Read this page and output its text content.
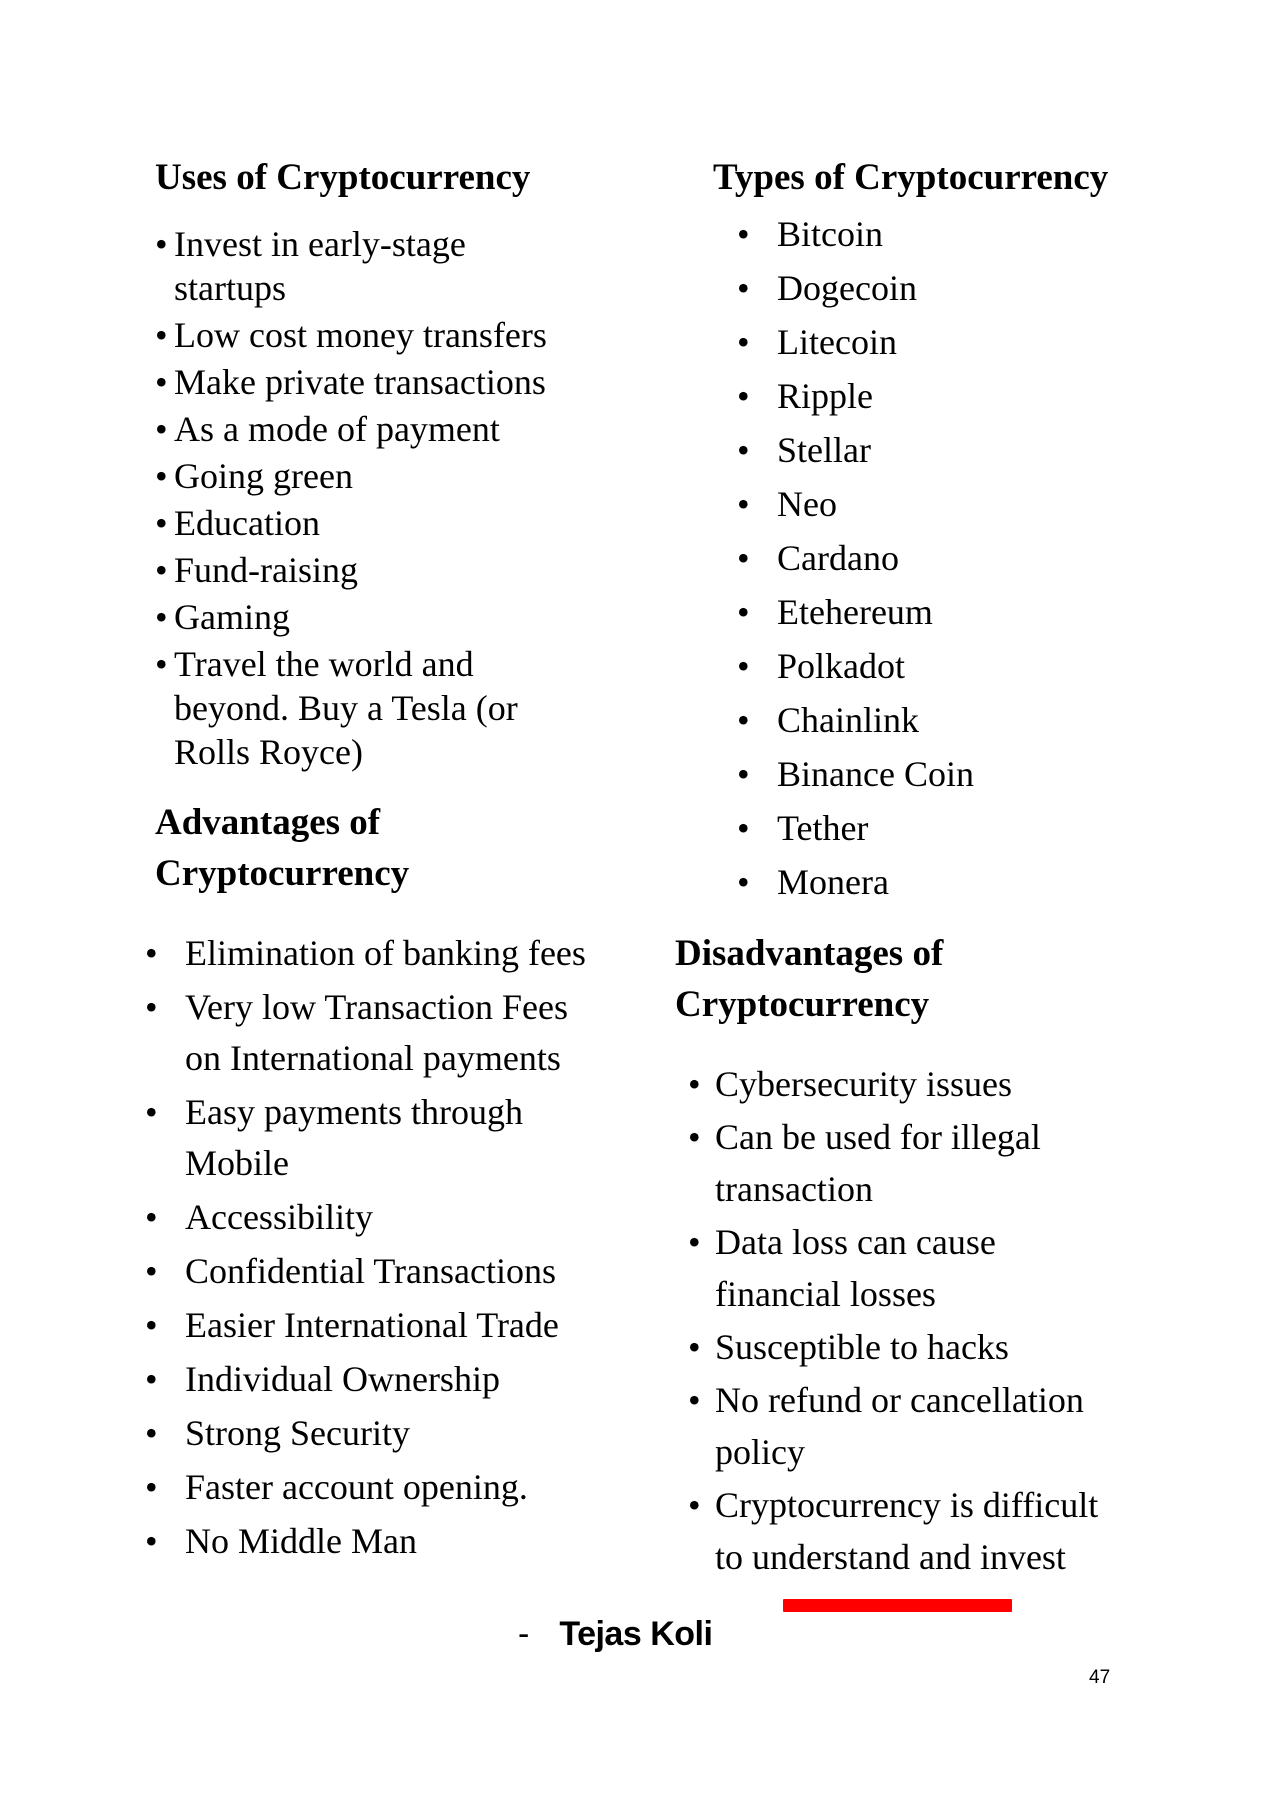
Uses of Cryptocurrency
• Invest in early-stage startups
• Low cost money transfers
• Make private transactions
• As a mode of payment
• Going green
• Education
• Fund-raising
• Gaming
• Travel the world and beyond. Buy a Tesla (or Rolls Royce)
Advantages of
Cryptocurrency
• Elimination of banking fees
• Very low Transaction Fees on International payments
• Easy payments through Mobile
• Accessibility
• Confidential Transactions
• Easier International Trade
• Individual Ownership
• Strong Security
• Faster account opening.
• No Middle Man
Types of Cryptocurrency
• Bitcoin
• Dogecoin
• Litecoin
• Ripple
• Stellar
• Neo
• Cardano
• Etehereum
• Polkadot
• Chainlink
• Binance Coin
• Tether
• Monera
Disadvantages of
Cryptocurrency
• Cybersecurity issues
• Can be used for illegal transaction
• Data loss can cause financial losses
• Susceptible to hacks
• No refund or cancellation policy
• Cryptocurrency is difficult to understand and invest
- Tejas Koli
47
